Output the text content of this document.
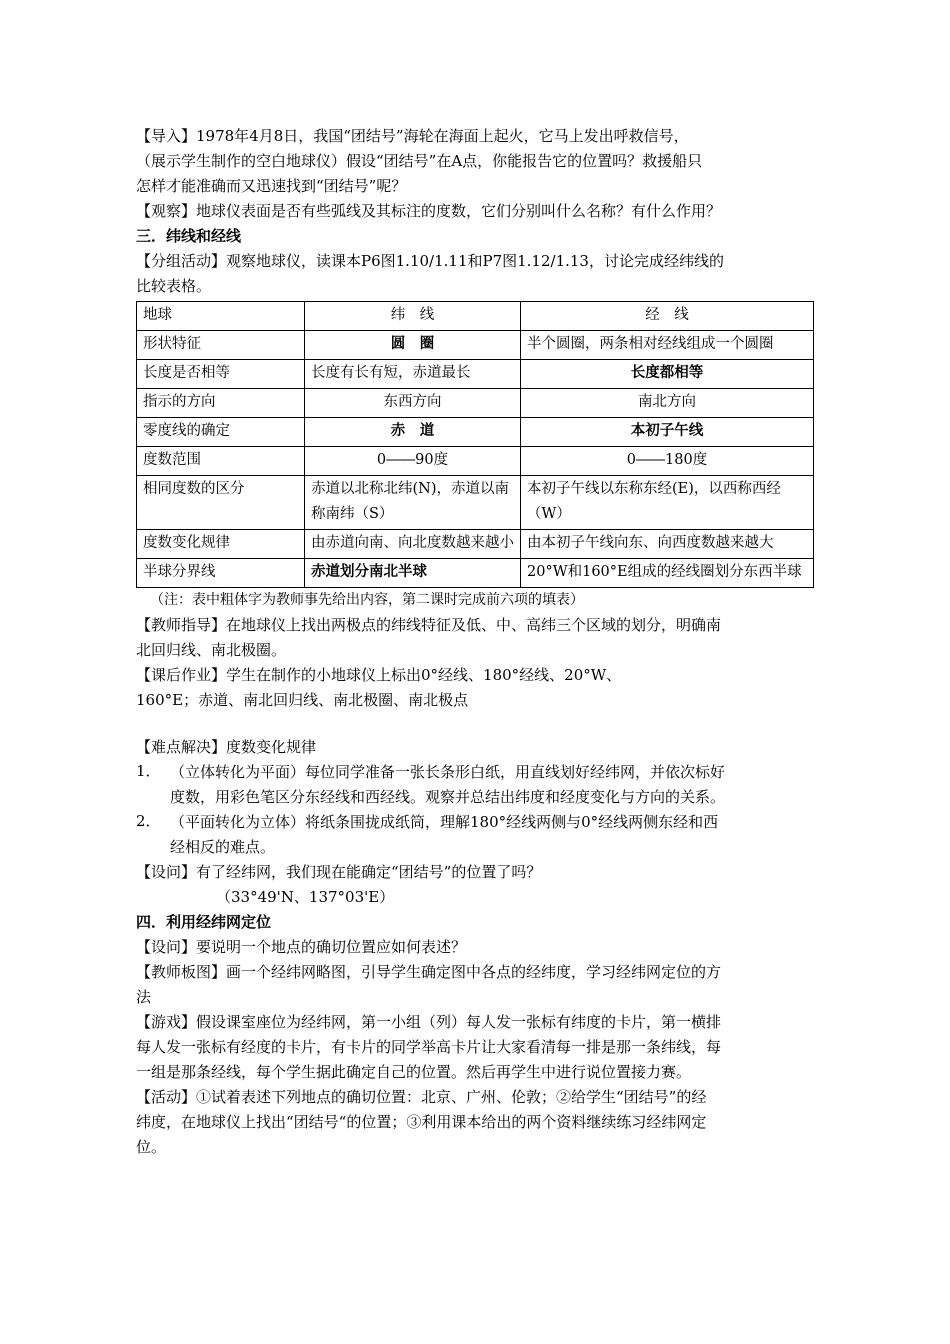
【导入】1978年4月8日，我国“团结号”海轮在海面上起火，它马上发出呼救信号，

（展示学生制作的空白地球仪）假设“团结号”在A点，你能报告它的位置吗？救援船只

怎样才能准确而又迅速找到“团结号”呢？

【观察】地球仪表面是否有些弧线及其标注的度数，它们分别叫什么名称？有什么作用？

三．纬线和经线

【分组活动】观察地球仪，读课本P6图1.10/1.11和P7图1.12/1.13，讨论完成经纬线的

比较表格。

地球	纬　线	经　线
形状特征	圆　圈	半个圆圈，两条相对经线组成一个圆圈
长度是否相等	长度有长有短，赤道最长	长度都相等
指示的方向	东西方向	南北方向
零度线的确定	赤　道	本初子午线
度数范围	0――90度	0――180度
相同度数的区分	赤道以北称北纬(N)，赤道以南称南纬（S）	本初子午线以东称东经(E)，以西称西经（W）
度数变化规律	由赤道向南、向北度数越来越小	由本初子午线向东、向西度数越来越大
半球分界线	赤道划分南北半球	20°W和160°E组成的经线圈划分东西半球

（注：表中粗体字为教师事先给出内容，第二课时完成前六项的填表）

【教师指导】在地球仪上找出两极点的纬线特征及低、中、高纬三个区域的划分，明确南

北回归线、南北极圈。

【课后作业】学生在制作的小地球仪上标出0°经线、180°经线、20°W、

160°E；赤道、南北回归线、南北极圈、南北极点

【难点解决】度数变化规律

1． （立体转化为平面）每位同学准备一张长条形白纸，用直线划好经纬网，并依次标好

度数，用彩色笔区分东经线和西经线。观察并总结出纬度和经度变化与方向的关系。

2． （平面转化为立体）将纸条围拢成纸筒，理解180°经线两侧与0°经线两侧东经和西

经相反的难点。

【设问】有了经纬网，我们现在能确定“团结号”的位置了吗？

（33°49'N、137°03'E）

四．利用经纬网定位

【设问】要说明一个地点的确切位置应如何表述？

【教师板图】画一个经纬网略图，引导学生确定图中各点的经纬度，学习经纬网定位的方

法

【游戏】假设课室座位为经纬网，第一小组（列）每人发一张标有纬度的卡片，第一横排

每人发一张标有经度的卡片，有卡片的同学举高卡片让大家看清每一排是那一条纬线，每

一组是那条经线，每个学生据此确定自己的位置。然后再学生中进行说位置接力赛。

【活动】①试着表述下列地点的确切位置：北京、广州、伦敦；②给学生“团结号”的经

纬度，在地球仪上找出“团结号“的位置；③利用课本给出的两个资料继续练习经纬网定

位。
